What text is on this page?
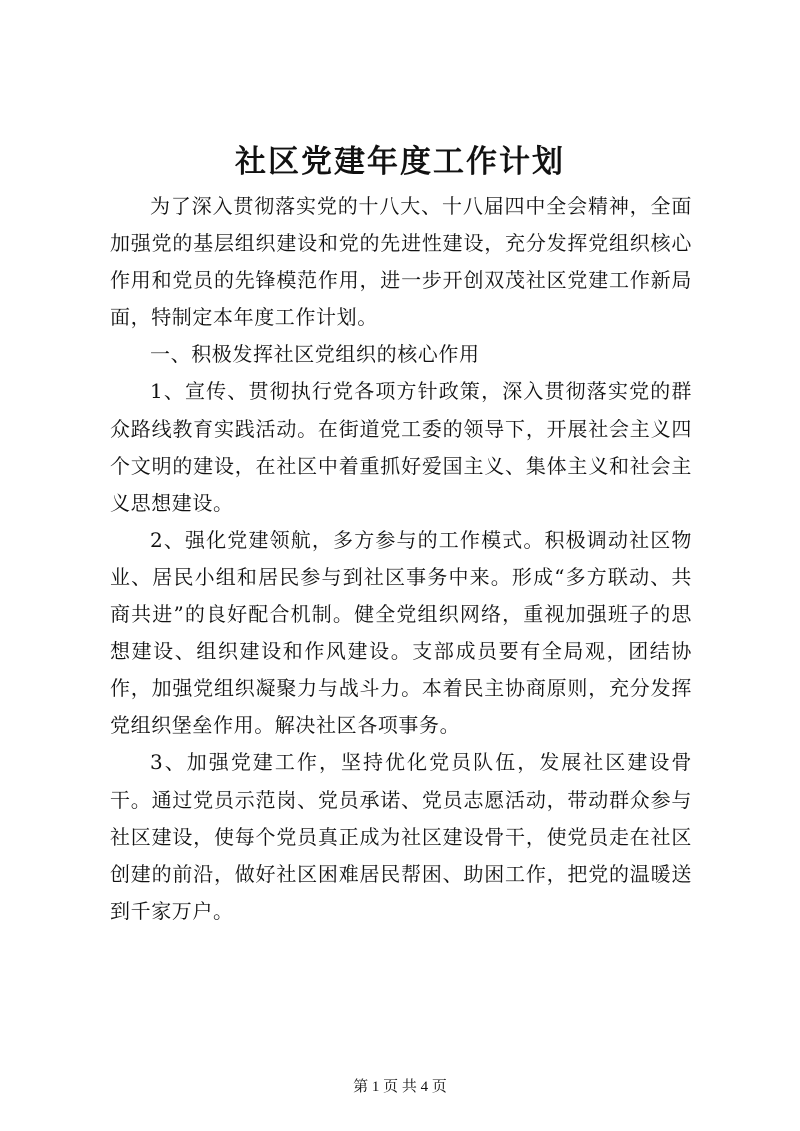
社区党建年度工作计划

为了深入贯彻落实党的十八大、十八届四中全会精神，全面加强党的基层组织建设和党的先进性建设，充分发挥党组织核心作用和党员的先锋模范作用，进一步开创双茂社区党建工作新局面，特制定本年度工作计划。

一、积极发挥社区党组织的核心作用

1、宣传、贯彻执行党各项方针政策，深入贯彻落实党的群众路线教育实践活动。在街道党工委的领导下，开展社会主义四个文明的建设，在社区中着重抓好爱国主义、集体主义和社会主义思想建设。

2、强化党建领航，多方参与的工作模式。积极调动社区物业、居民小组和居民参与到社区事务中来。形成“多方联动、共商共进”的良好配合机制。健全党组织网络，重视加强班子的思想建设、组织建设和作风建设。支部成员要有全局观，团结协作，加强党组织凝聚力与战斗力。本着民主协商原则，充分发挥党组织堡垒作用。解决社区各项事务。

3、加强党建工作，坚持优化党员队伍，发展社区建设骨干。通过党员示范岗、党员承诺、党员志愿活动，带动群众参与社区建设，使每个党员真正成为社区建设骨干，使党员走在社区创建的前沿，做好社区困难居民帮困、助困工作，把党的温暖送到千家万户。

第 1 页 共 4 页
